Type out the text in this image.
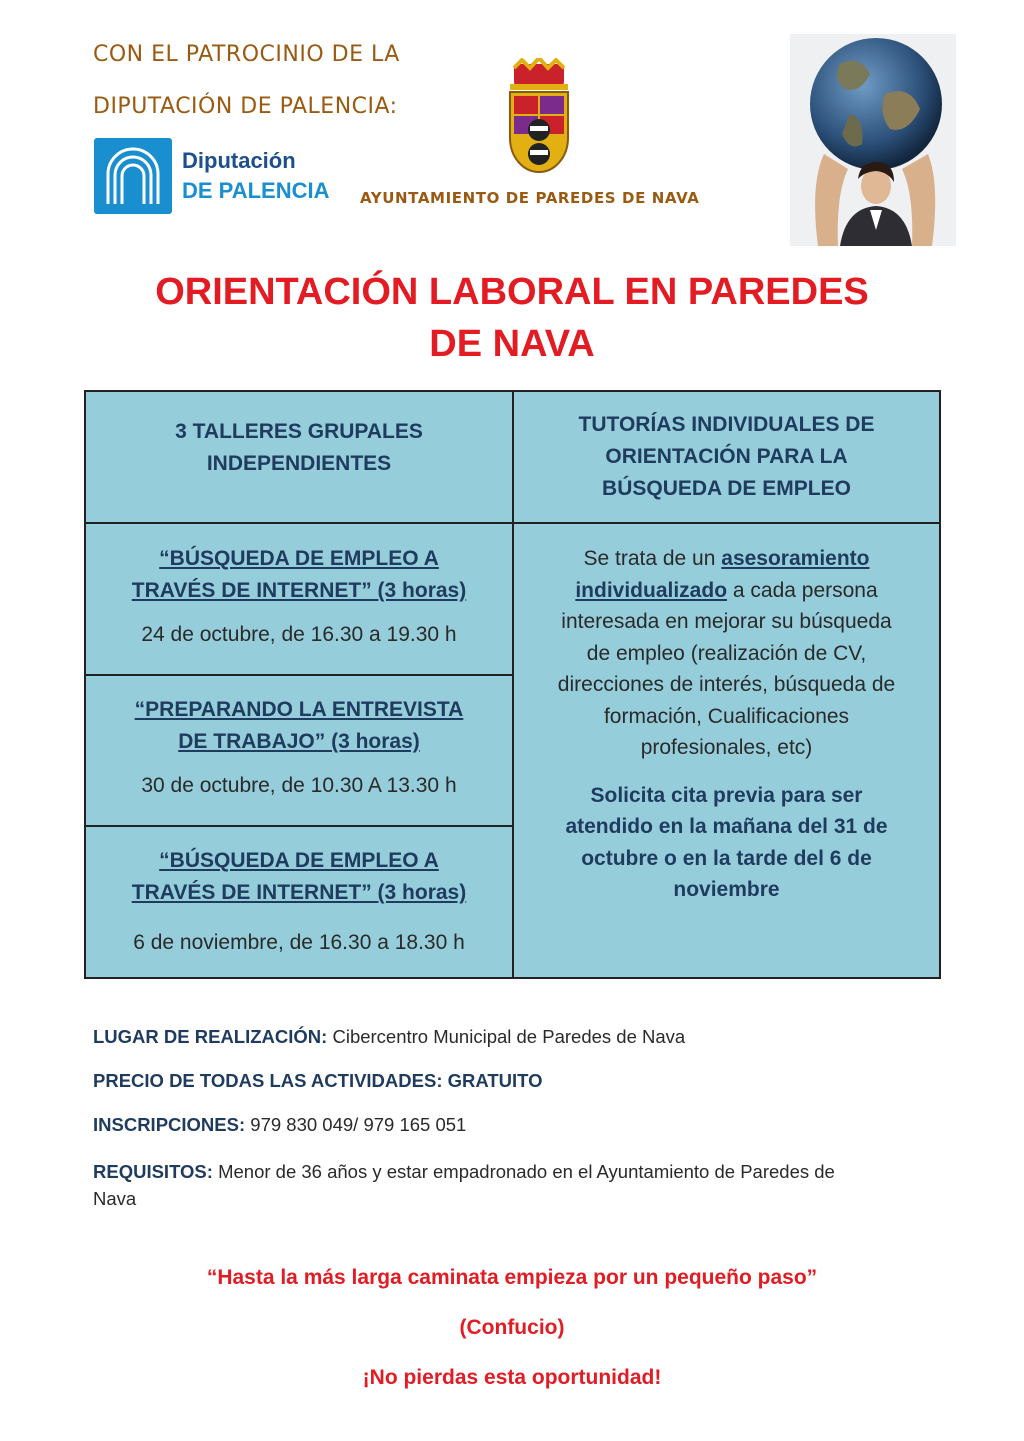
CON EL PATROCINIO DE LA
DIPUTACIÓN DE PALENCIA:
Diputación
DE PALENCIA AYUNTAMIENTO DE PAREDES DE NAVA
ORIENTACIÓN LABORAL EN PAREDES
DE NAVA
3 TALLERES GRUPALES
INDEPENDIENTES
TUTORÍAS INDIVIDUALES DE
ORIENTACIÓN PARA LA
BÚSQUEDA DE EMPLEO
“BÚSQUEDA DE EMPLEO A
TRAVÉS DE INTERNET” (3 horas)
24 de octubre, de 16.30 a 19.30 h
“PREPARANDO LA ENTREVISTA
DE TRABAJO” (3 horas)
30 de octubre, de 10.30 A 13.30 h
“BÚSQUEDA DE EMPLEO A
TRAVÉS DE INTERNET” (3 horas)
6 de noviembre, de 16.30 a 18.30 h
Se trata de un asesoramiento
individualizado a cada persona
interesada en mejorar su búsqueda
de empleo (realización de CV,
direcciones de interés, búsqueda de
formación, Cualificaciones
profesionales, etc)
Solicita cita previa para ser
atendido en la mañana del 31 de
octubre o en la tarde del 6 de
noviembre
LUGAR DE REALIZACIÓN: Cibercentro Municipal de Paredes de Nava
PRECIO DE TODAS LAS ACTIVIDADES: GRATUITO
INSCRIPCIONES: 979 830 049/ 979 165 051
REQUISITOS: Menor de 36 años y estar empadronado en el Ayuntamiento de Paredes de
Nava
“Hasta la más larga caminata empieza por un pequeño paso”
(Confucio)
¡No pierdas esta oportunidad!
